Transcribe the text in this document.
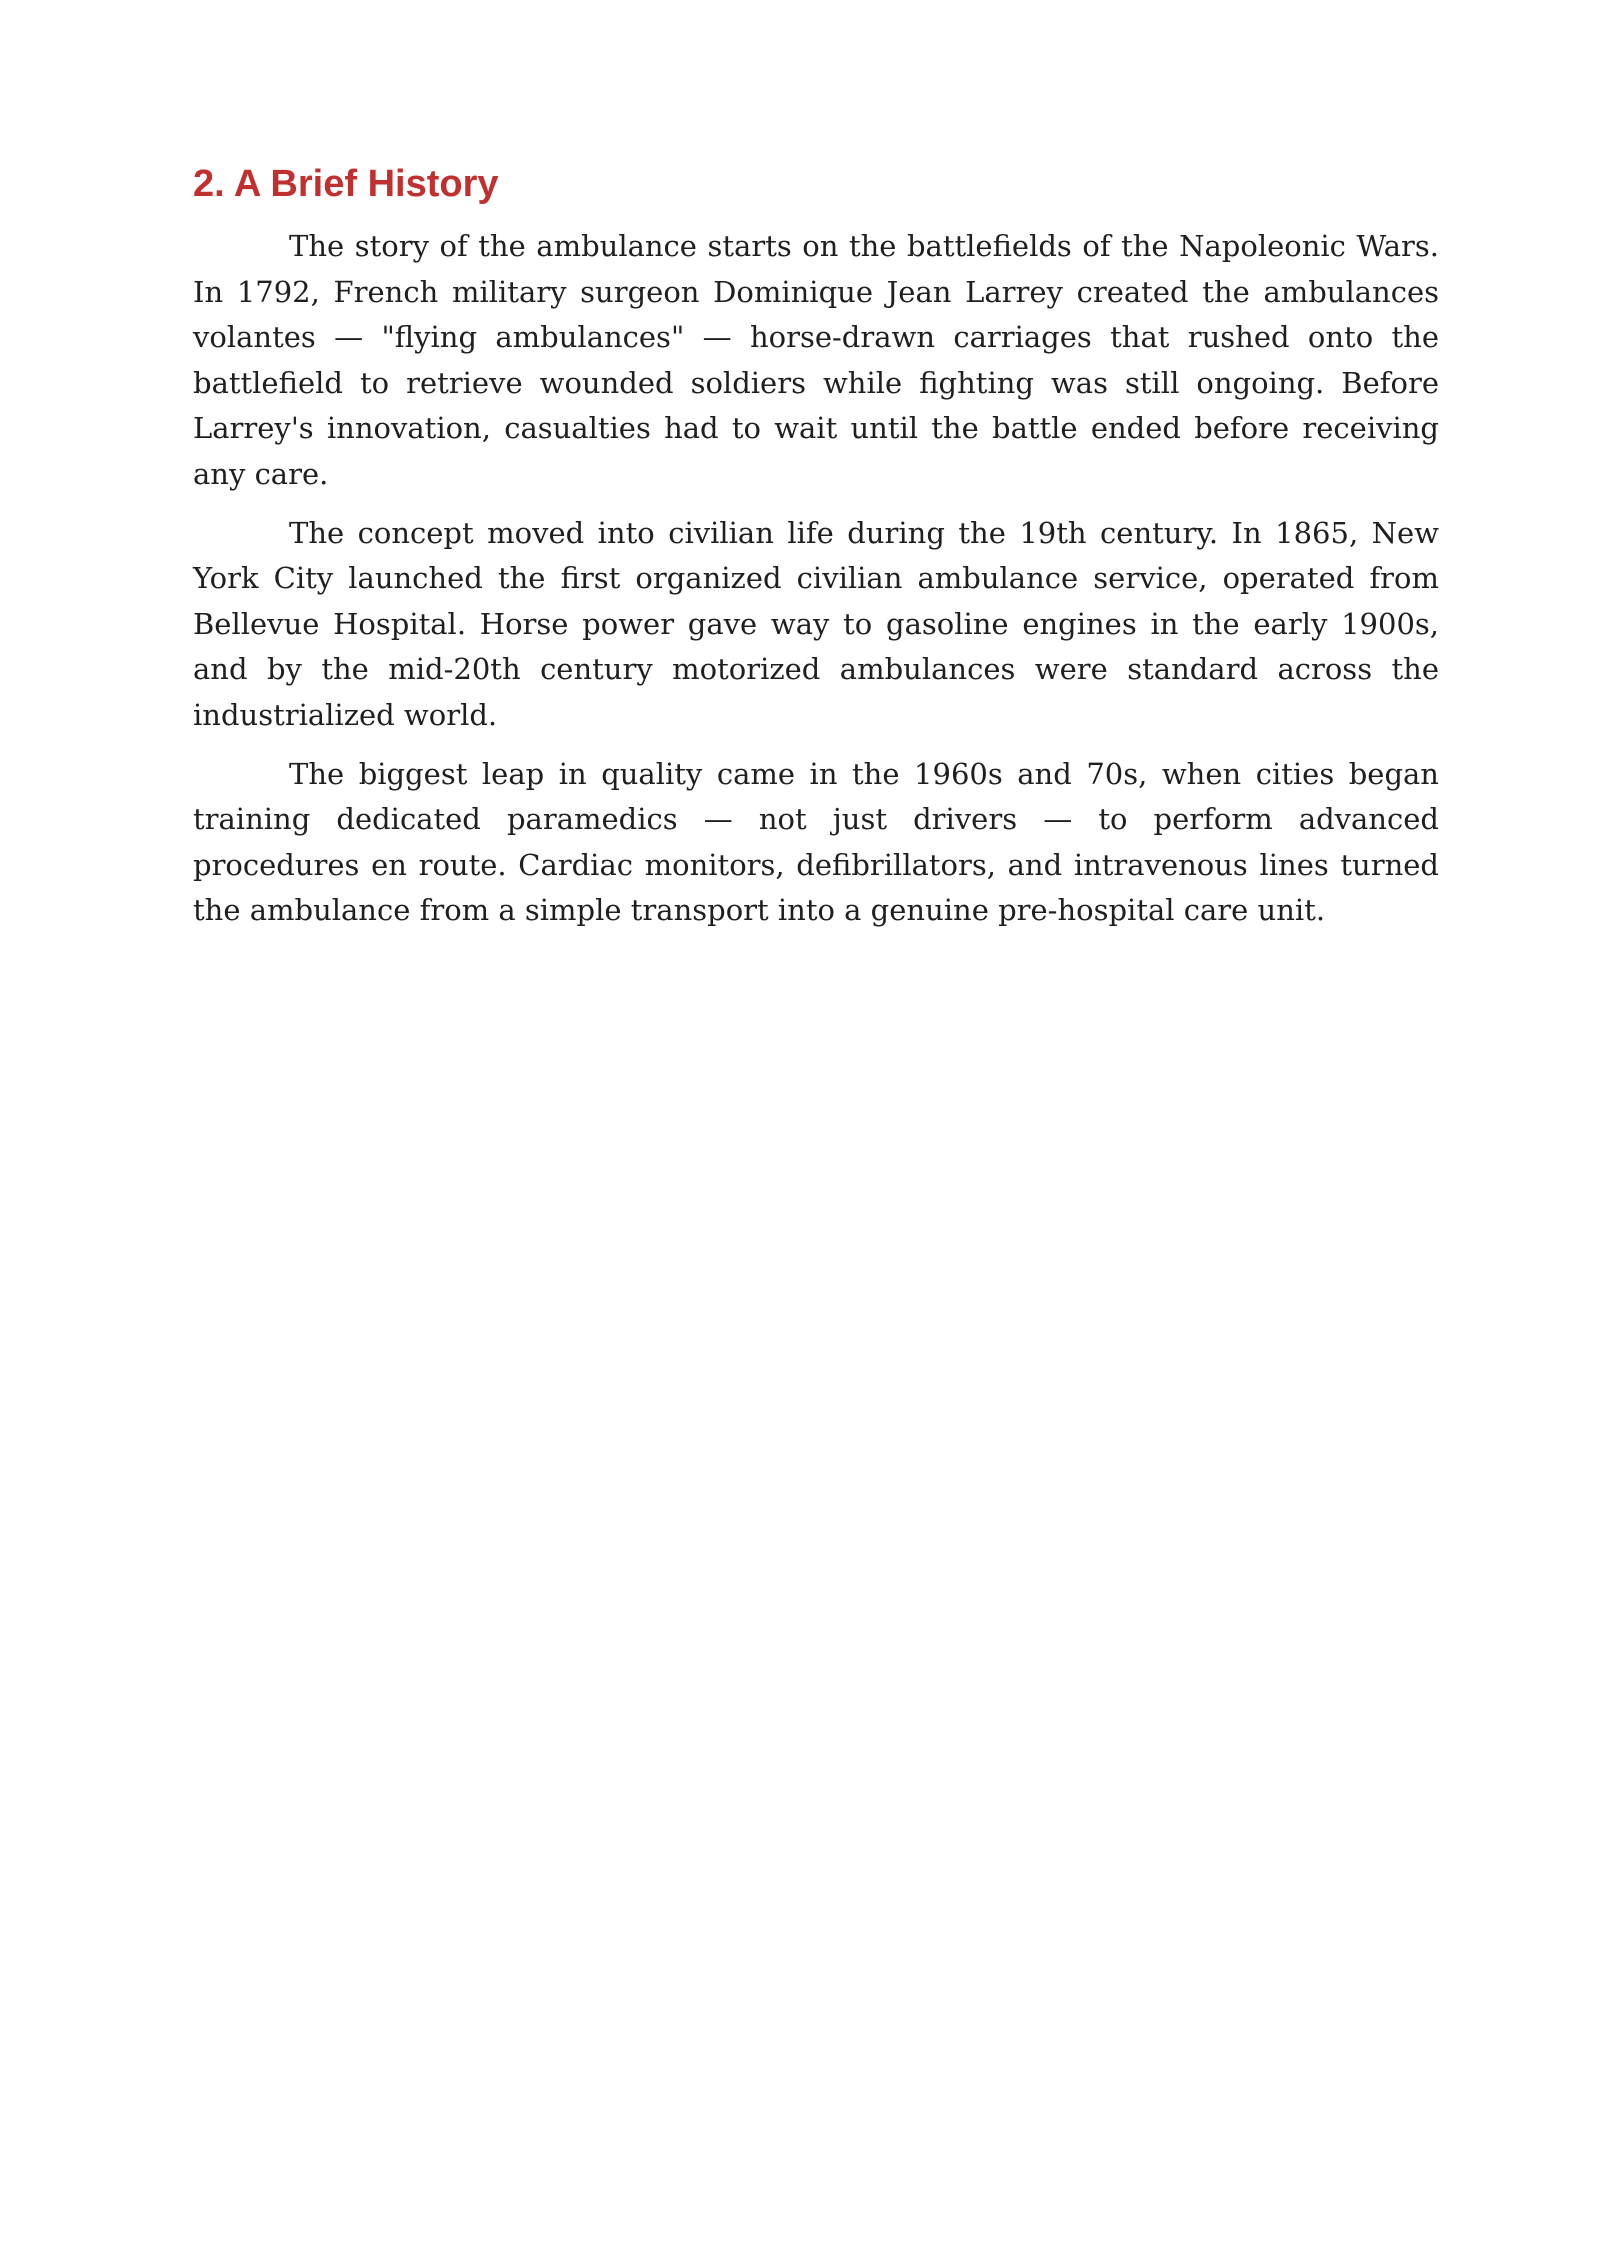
2. A Brief History

The story of the ambulance starts on the battlefields of the Napoleonic Wars. In 1792, French military surgeon Dominique Jean Larrey created the ambulances volantes — "flying ambulances" — horse-drawn carriages that rushed onto the battlefield to retrieve wounded soldiers while fighting was still ongoing. Before Larrey's innovation, casualties had to wait until the battle ended before receiving any care.

The concept moved into civilian life during the 19th century. In 1865, New York City launched the first organized civilian ambulance service, operated from Bellevue Hospital. Horse power gave way to gasoline engines in the early 1900s, and by the mid-20th century motorized ambulances were standard across the industrialized world.

The biggest leap in quality came in the 1960s and 70s, when cities began training dedicated paramedics — not just drivers — to perform advanced procedures en route. Cardiac monitors, defibrillators, and intravenous lines turned the ambulance from a simple transport into a genuine pre-hospital care unit.
